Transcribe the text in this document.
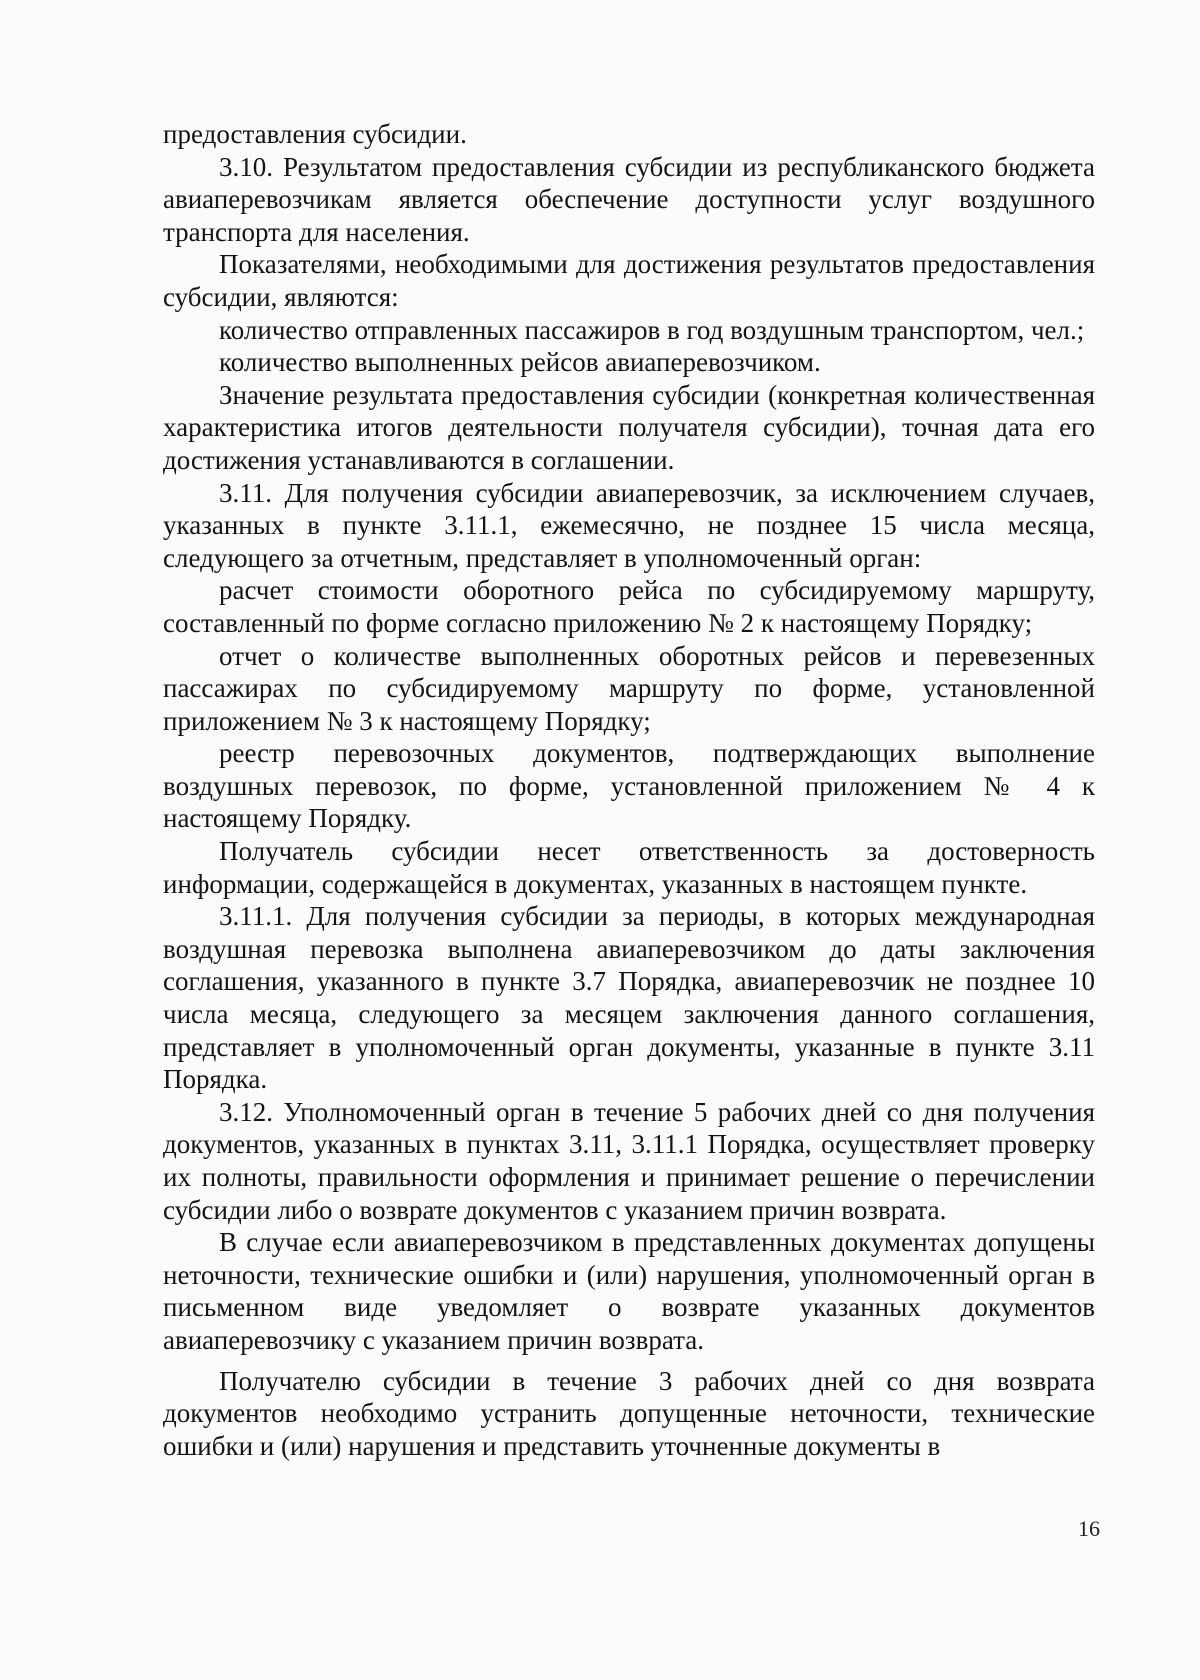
предоставления субсидии.

3.10. Результатом предоставления субсидии из республиканского бюджета авиаперевозчикам является обеспечение доступности услуг воздушного транспорта для населения.

Показателями, необходимыми для достижения результатов предоставления субсидии, являются:

количество отправленных пассажиров в год воздушным транспортом, чел.;

количество выполненных рейсов авиаперевозчиком.

Значение результата предоставления субсидии (конкретная количественная характеристика итогов деятельности получателя субсидии), точная дата его достижения устанавливаются в соглашении.

3.11. Для получения субсидии авиаперевозчик, за исключением случаев, указанных в пункте 3.11.1, ежемесячно, не позднее 15 числа месяца, следующего за отчетным, представляет в уполномоченный орган:

расчет стоимости оборотного рейса по субсидируемому маршруту, составленный по форме согласно приложению № 2 к настоящему Порядку;

отчет о количестве выполненных оборотных рейсов и перевезенных пассажирах по субсидируемому маршруту по форме, установленной приложением № 3 к настоящему Порядку;

реестр перевозочных документов, подтверждающих выполнение воздушных перевозок, по форме, установленной приложением № 4 к настоящему Порядку.

Получатель субсидии несет ответственность за достоверность информации, содержащейся в документах, указанных в настоящем пункте.

3.11.1. Для получения субсидии за периоды, в которых международная воздушная перевозка выполнена авиаперевозчиком до даты заключения соглашения, указанного в пункте 3.7 Порядка, авиаперевозчик не позднее 10 числа месяца, следующего за месяцем заключения данного соглашения, представляет в уполномоченный орган документы, указанные в пункте 3.11 Порядка.

3.12. Уполномоченный орган в течение 5 рабочих дней со дня получения документов, указанных в пунктах 3.11, 3.11.1 Порядка, осуществляет проверку их полноты, правильности оформления и принимает решение о перечислении субсидии либо о возврате документов с указанием причин возврата.

В случае если авиаперевозчиком в представленных документах допущены неточности, технические ошибки и (или) нарушения, уполномоченный орган в письменном виде уведомляет о возврате указанных документов авиаперевозчику с указанием причин возврата.

Получателю субсидии в течение 3 рабочих дней со дня возврата документов необходимо устранить допущенные неточности, технические ошибки и (или) нарушения и представить уточненные документы в

16
